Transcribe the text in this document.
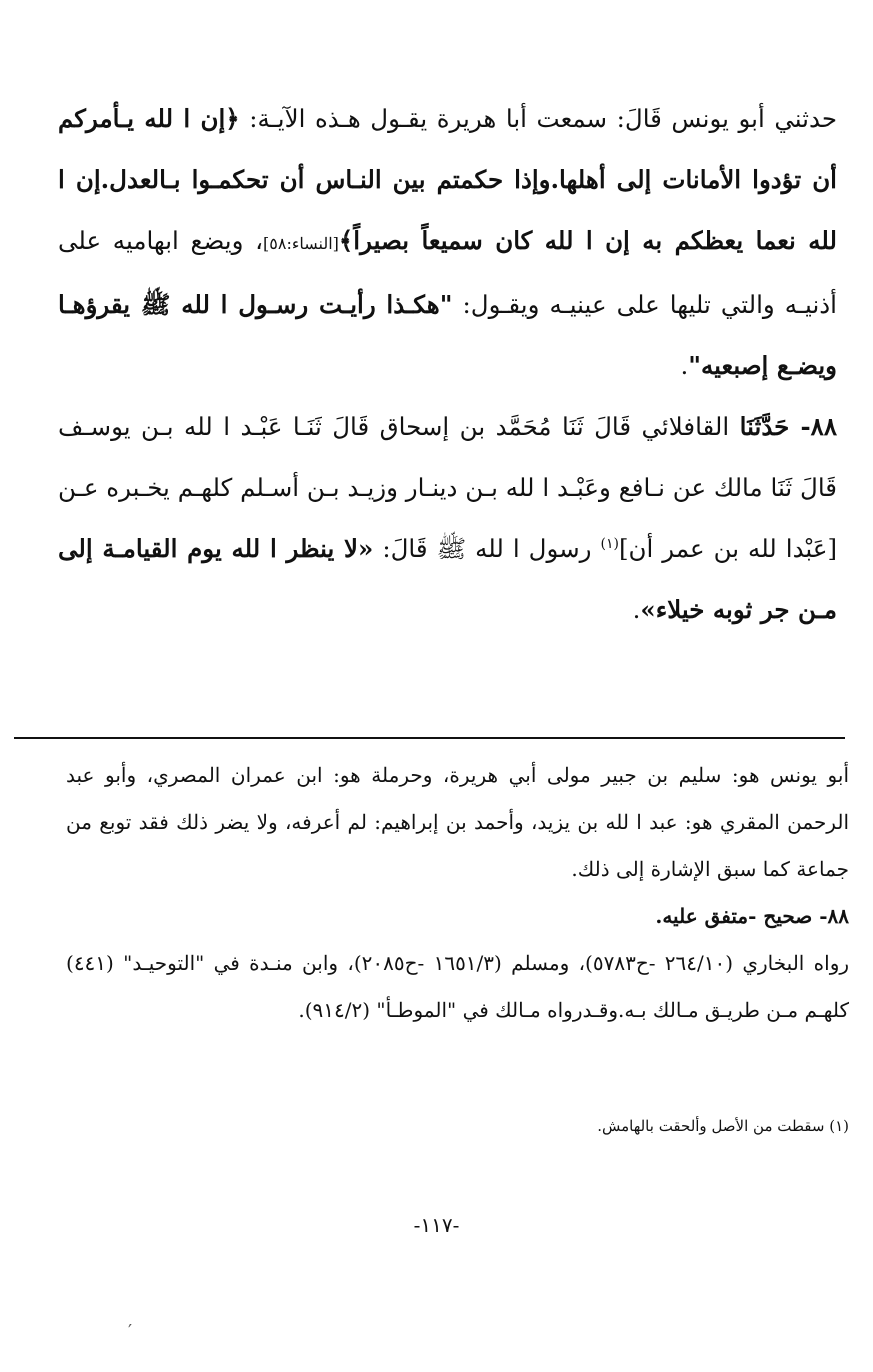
حدثني أبو يونس قَالَ: سمعت أبا هريرة يقـول هـذه الآيـة: ﴿إن ا لله يـأمركم أن تؤدوا الأمانات إلى أهلها.وإذا حكمتم بين النـاس أن تحكمـوا بـالعدل.إن ا لله نعما يعظكم به إن ا لله كان سميعاً بصيراً﴾[النساء:٥٨]، ويضع ابهاميه على أذنيـه والتي تليها على عينيـه ويقـول: "هكـذا رأيـت رسـول ا لله ﷺ يقرؤهـا ويضـع إصبعيه".

٨٨- حَدَّثَنَا القافلائي قَالَ ثَنَا مُحَمَّد بن إسحاق قَالَ ثَنَـا عَبْـد ا لله بـن يوسـف قَالَ ثَنَا مالك عن نـافع وعَبْـد ا لله بـن دينـار وزيـد بـن أسـلم كلهـم يخـبره عـن [عَبْدا لله بن عمر أن]$^{(١)}$ رسول ا لله ﷺ قَالَ: «لا ينظر ا لله يوم القيامـة إلى مـن جر ثوبه خيلاء».

أبو يونس هو: سليم بن جبير مولى أبي هريرة، وحرملة هو: ابن عمران المصري، وأبو عبد الرحمن المقري هو: عبد ا لله بن يزيد، وأحمد بن إبراهيم: لم أعرفه، ولا يضر ذلك فقد توبع من جماعة كما سبق الإشارة إلى ذلك.

٨٨- صحيح -متفق عليه.

رواه البخاري (٢٦٤/١٠ -ح٥٧٨٣)، ومسلم (١٦٥١/٣ -ح٢٠٨٥)، وابن منـدة في "التوحيـد" (٤٤١) كلهـم مـن طريـق مـالك بـه.وقـدرواه مـالك في "الموطـأ" (٩١٤/٢).

(١) سقطت من الأصل وألحقت بالهامش.
-١١٧-
′
